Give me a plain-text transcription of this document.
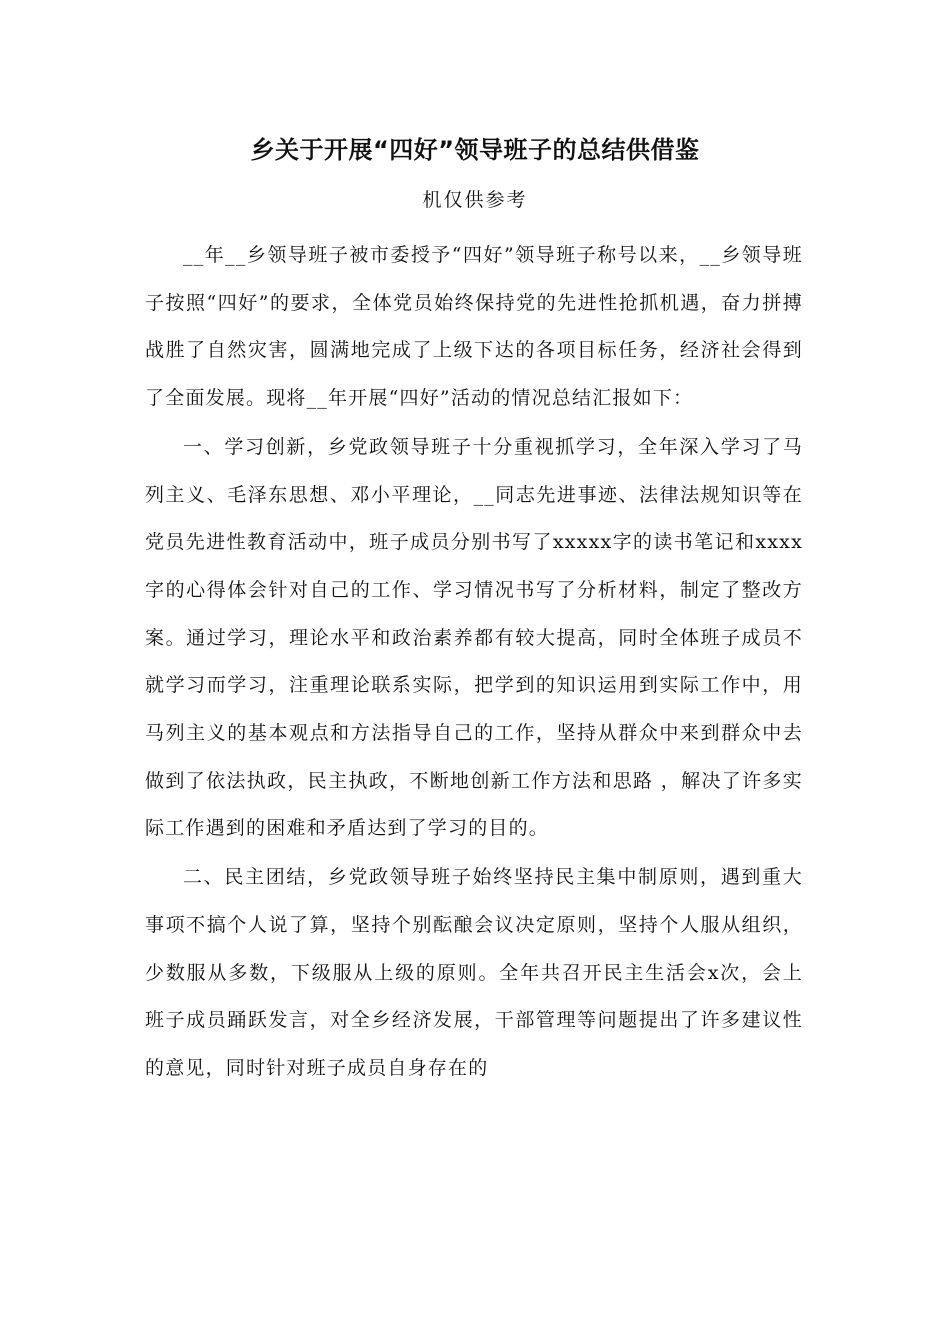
乡关于开展“四好”领导班子的总结供借鉴
机仅供参考

__年__乡领导班子被市委授予“四好”领导班子称号以来，__乡领导班子按照“四好”的要求，全体党员始终保持党的先进性抢抓机遇，奋力拼搏战胜了自然灾害，圆满地完成了上级下达的各项目标任务，经济社会得到了全面发展。现将__年开展“四好”活动的情况总结汇报如下：

一、学习创新，乡党政领导班子十分重视抓学习，全年深入学习了马列主义、毛泽东思想、邓小平理论，__同志先进事迹、法律法规知识等在党员先进性教育活动中，班子成员分别书写了xxxxx字的读书笔记和xxxx字的心得体会针对自己的工作、学习情况书写了分析材料，制定了整改方案。通过学习，理论水平和政治素养都有较大提高，同时全体班子成员不就学习而学习，注重理论联系实际，把学到的知识运用到实际工作中，用马列主义的基本观点和方法指导自己的工作，坚持从群众中来到群众中去做到了依法执政，民主执政，不断地创新工作方法和思路 ，解决了许多实际工作遇到的困难和矛盾达到了学习的目的。

二、民主团结，乡党政领导班子始终坚持民主集中制原则，遇到重大事项不搞个人说了算，坚持个别酝酿会议决定原则，坚持个人服从组织，少数服从多数，下级服从上级的原则。全年共召开民主生活会x次，会上班子成员踊跃发言，对全乡经济发展，干部管理等问题提出了许多建议性的意见，同时针对班子成员自身存在的
